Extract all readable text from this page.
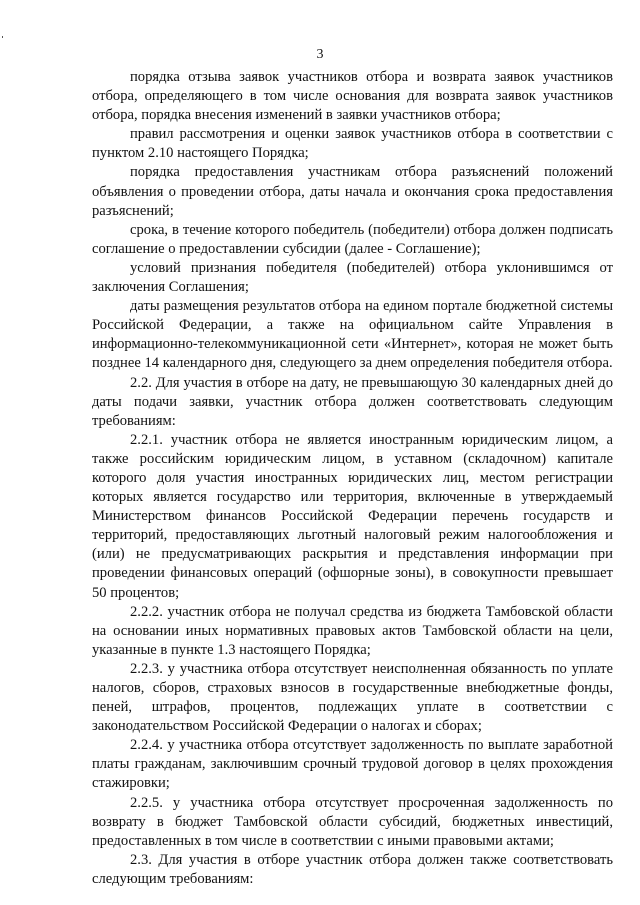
3

порядка отзыва заявок участников отбора и возврата заявок участников отбора, определяющего в том числе основания для возврата заявок участников отбора, порядка внесения изменений в заявки участников отбора;

правил рассмотрения и оценки заявок участников отбора в соответствии с пунктом 2.10 настоящего Порядка;

порядка предоставления участникам отбора разъяснений положений объявления о проведении отбора, даты начала и окончания срока предоставления разъяснений;

срока, в течение которого победитель (победители) отбора должен подписать соглашение о предоставлении субсидии (далее - Соглашение);

условий признания победителя (победителей) отбора уклонившимся от заключения Соглашения;

даты размещения результатов отбора на едином портале бюджетной системы Российской Федерации, а также на официальном сайте Управления в информационно-телекоммуникационной сети «Интернет», которая не может быть позднее 14 календарного дня, следующего за днем определения победителя отбора.

2.2. Для участия в отборе на дату, не превышающую 30 календарных дней до даты подачи заявки, участник отбора должен соответствовать следующим требованиям:

2.2.1. участник отбора не является иностранным юридическим лицом, а также российским юридическим лицом, в уставном (складочном) капитале которого доля участия иностранных юридических лиц, местом регистрации которых является государство или территория, включенные в утверждаемый Министерством финансов Российской Федерации перечень государств и территорий, предоставляющих льготный налоговый режим налогообложения и (или) не предусматривающих раскрытия и представления информации при проведении финансовых операций (офшорные зоны), в совокупности превышает 50 процентов;

2.2.2. участник отбора не получал средства из бюджета Тамбовской области на основании иных нормативных правовых актов Тамбовской области на цели, указанные в пункте 1.3 настоящего Порядка;

2.2.3. у участника отбора отсутствует неисполненная обязанность по уплате налогов, сборов, страховых взносов в государственные внебюджетные фонды, пеней, штрафов, процентов, подлежащих уплате в соответствии с законодательством Российской Федерации о налогах и сборах;

2.2.4. у участника отбора отсутствует задолженность по выплате заработной платы гражданам, заключившим срочный трудовой договор в целях прохождения стажировки;

2.2.5. у участника отбора отсутствует просроченная задолженность по возврату в бюджет Тамбовской области субсидий, бюджетных инвестиций, предоставленных в том числе в соответствии с иными правовыми актами;

2.3. Для участия в отборе участник отбора должен также соответствовать следующим требованиям:
